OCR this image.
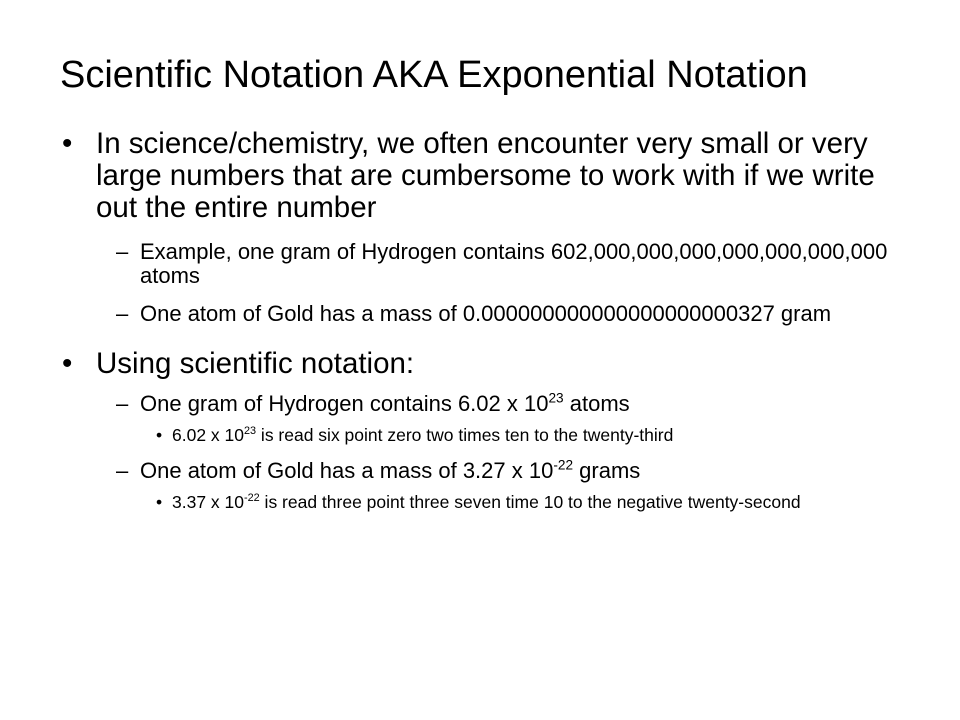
Scientific Notation AKA Exponential Notation
• In science/chemistry, we often encounter very small or very large numbers that are cumbersome to work with if we write out the entire number
– Example, one gram of Hydrogen contains 602,000,000,000,000,000,000,000 atoms
– One atom of Gold has a mass of 0.000000000000000000000327 gram
• Using scientific notation:
– One gram of Hydrogen contains 6.02 x $10^{23}$ atoms
• 6.02 x $10^{23}$ is read six point zero two times ten to the twenty-third
– One atom of Gold has a mass of 3.27 x $10^{-22}$ grams
• 3.37 x $10^{-22}$ is read three point three seven time 10 to the negative twenty-second
